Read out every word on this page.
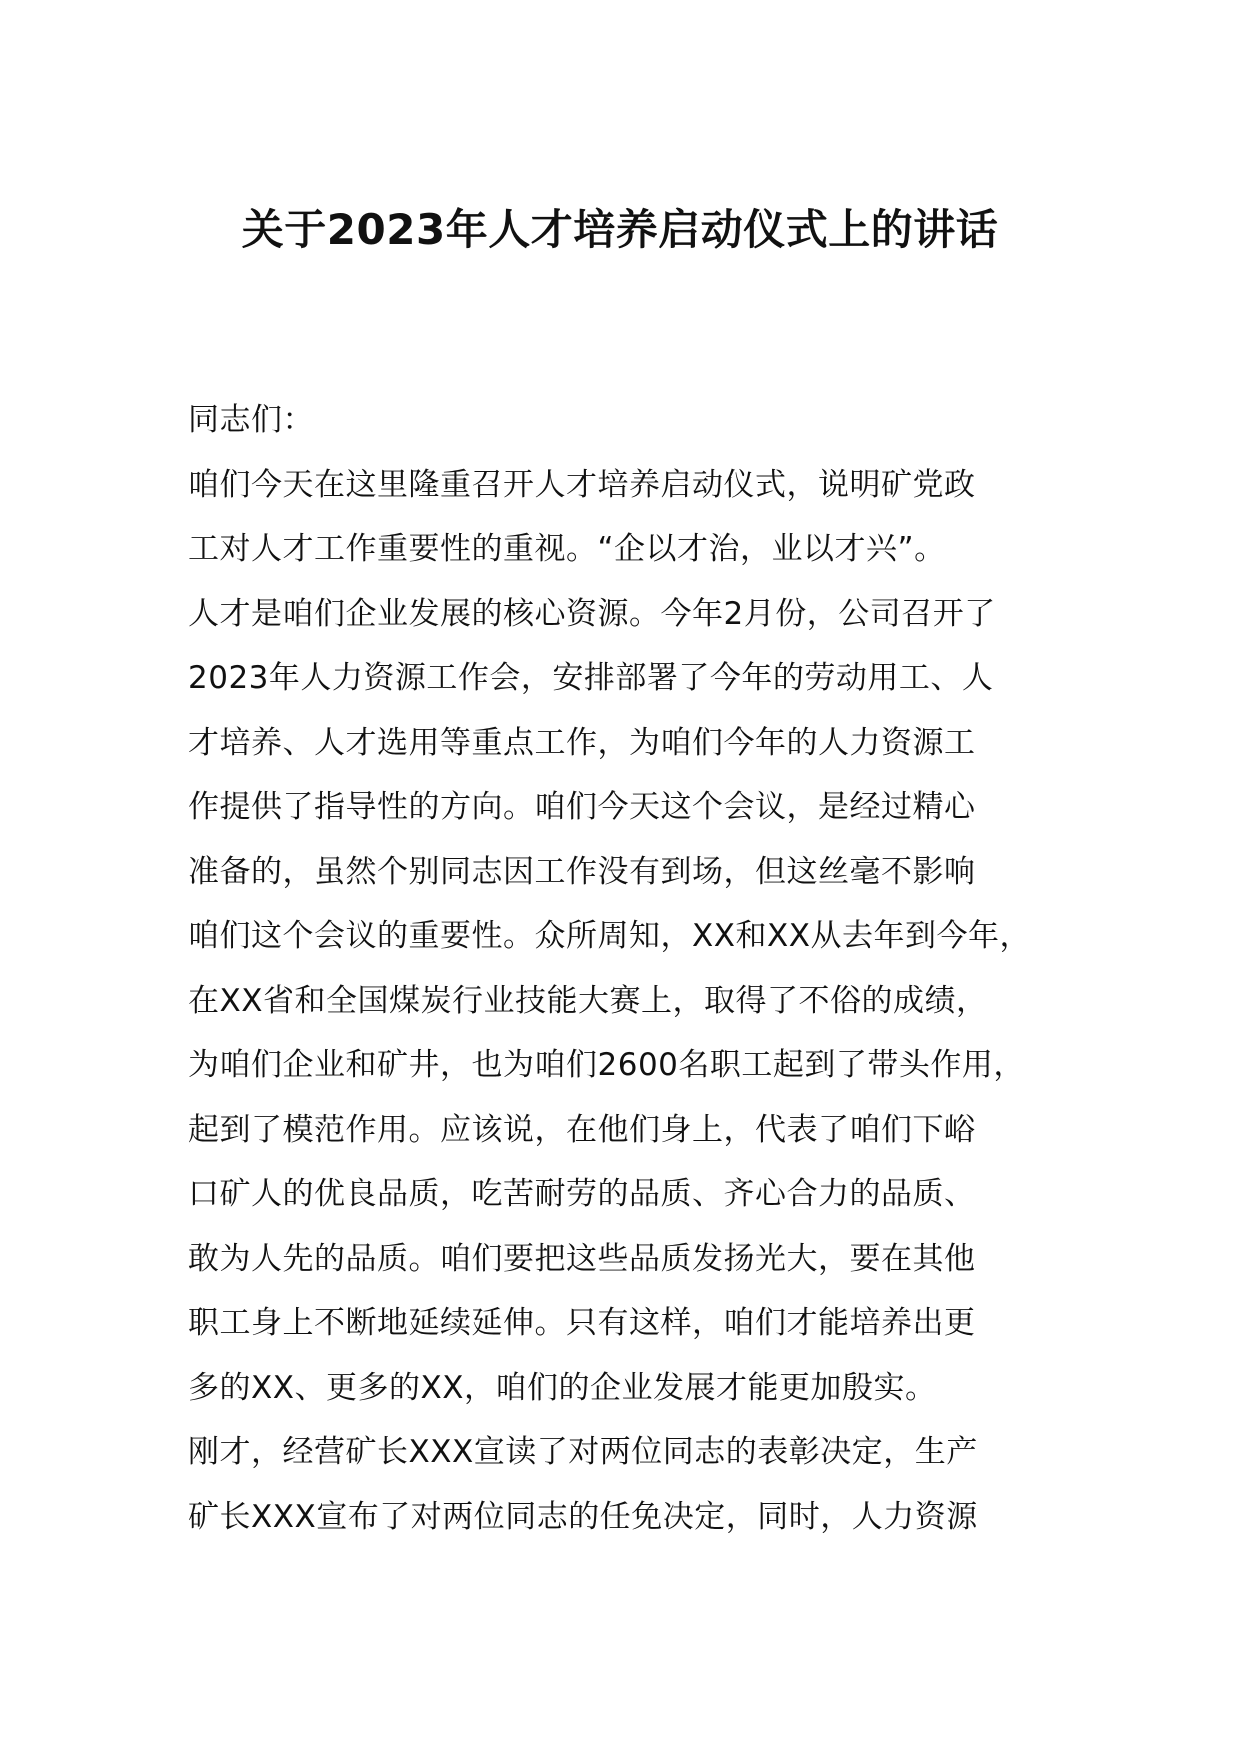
关于2023年人才培养启动仪式上的讲话
同志们：
咱们今天在这里隆重召开人才培养启动仪式，说明矿党政
工对人才工作重要性的重视。“企以才治，业以才兴”。
人才是咱们企业发展的核心资源。今年2月份，公司召开了
2023年人力资源工作会，安排部署了今年的劳动用工、人
才培养、人才选用等重点工作，为咱们今年的人力资源工
作提供了指导性的方向。咱们今天这个会议，是经过精心
准备的，虽然个别同志因工作没有到场，但这丝毫不影响
咱们这个会议的重要性。众所周知，XX和XX从去年到今年，
在XX省和全国煤炭行业技能大赛上，取得了不俗的成绩，
为咱们企业和矿井，也为咱们2600名职工起到了带头作用，
起到了模范作用。应该说，在他们身上，代表了咱们下峪
口矿人的优良品质，吃苦耐劳的品质、齐心合力的品质、
敢为人先的品质。咱们要把这些品质发扬光大，要在其他
职工身上不断地延续延伸。只有这样，咱们才能培养出更
多的XX、更多的XX，咱们的企业发展才能更加殷实。
刚才，经营矿长XXX宣读了对两位同志的表彰决定，生产
矿长XXX宣布了对两位同志的任免决定，同时，人力资源
